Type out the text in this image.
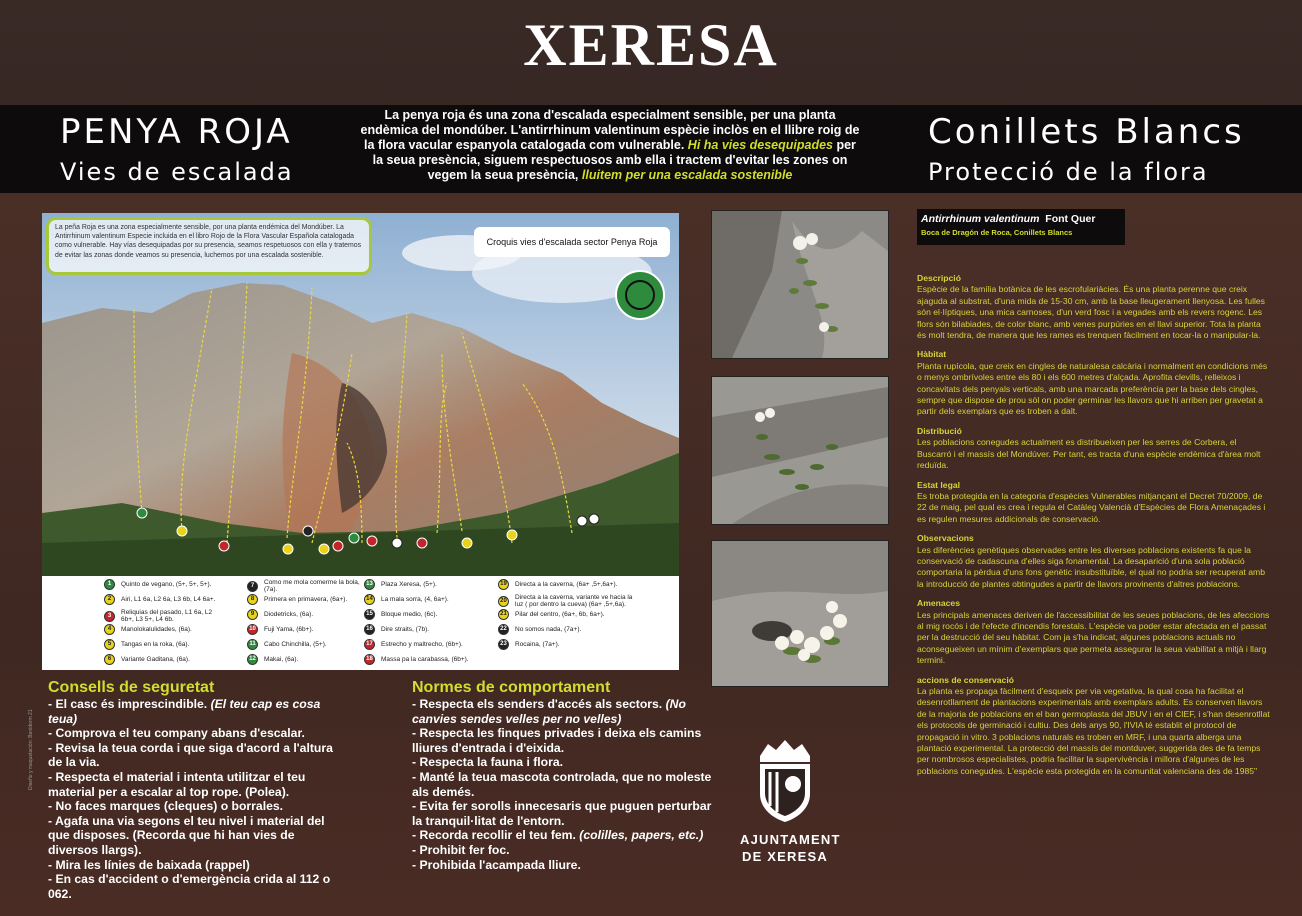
XERESA
PENYA ROJA
Vies de escalada
Conillets Blancs
Protecció de la flora
La penya roja és una zona d'escalada especialment sensible, per una planta endèmica del mondúber. L'antirrhinum valentinum espècie inclòs en el llibre roig de la flora vacular espanyola catalogada com vulnerable. Hi ha vies desequipades per la seua presència, siguem respectuosos amb ella i tractem d'evitar les zones on vegem la seua presència, lluitem per una escalada sostenible
La peña Roja es una zona especialmente sensible, por una planta endémica del Mondúber. La Antirrhinum valentinum Especie incluida en el libro Rojo de la Flora Vascular Española catalogada como vulnerable. Hay vías desequipadas por su presencia, seamos respetuosos con ella y tratemos de evitar las zonas donde veamos su presencia, luchemos por una escalada sostenible.
Croquis vies d'escalada sector Penya Roja
1	Quinto de vegano, (5+, 5+, 5+).
2	Airi, L1 6a, L2 6a, L3 6b, L4 6a+.
3	Reliquias del pasado, L1 6a, L2 6b+, L3 5+, L4 6b.
4	Manolokalulidades, (6a).
5	Tangas en la roka, (6a).
6	Variante Gaditana, (6a).
7	Como me mola comerme la bola, (7a).
8	Primera en primavera, (6a+).
9	Diodetricks, (6a).
10	Fuji Yama, (6b+).
11	Cabo Chinchilla, (5+).
12	Makai, (6a).
13	Plaza Xeresa, (5+).
14	La mala sorra, (4, 6a+).
15	Bloque medio, (6c).
16	Dire straits, (7b).
17	Estrecho y maltrecho, (6b+).
18	Massa pa la carabassa, (6b+).
19	Directa a la caverna, (6a+ ,5+,6a+).
20	Directa a la caverna, variante ve hacia la luz ( por dentro la cueva) (6a+ ,5+,6a).
21	Pilar del centro, (6a+, 6b, 6a+).
22	No somos nada, (7a+).
23	Rocaina, (7a+).
Antirrhinum valentinum Font Quer
Boca de Dragón de Roca, Conillets Blancs

Descripció

Espècie de la família botànica de les escrofulariàcies. És una planta perenne que creix ajaguda al substrat, d'una mida de 15-30 cm, amb la base lleugerament llenyosa. Les fulles són el·líptiques, una mica carnoses, d'un verd fosc i a vegades amb els revers rogenc. Les flors són bilabiades, de color blanc, amb venes purpúries en el llavi superior. Tota la planta és molt tendra, de manera que les rames es trenquen fàcilment en tocar-la o manipular-la.

Hàbitat

Planta rupícola, que creix en cingles de naturalesa calcària i normalment en condicions més o menys ombrívoles entre els 80 i els 600 metres d'alçada. Aprofita clevills, relleixos i concavitats dels penyals verticals, amb una marcada preferència per la base dels cingles, sempre que dispose de prou sòl on poder germinar les llavors que hi arriben per gravetat a partir dels exemplars que es troben a dalt.

Distribució

Les poblacions conegudes actualment es distribueixen per les serres de Corbera, el Buscarró i el massís del Mondúver. Per tant, es tracta d'una espècie endèmica d'àrea molt reduïda.

Estat legal

Es troba protegida en la categoria d'espècies Vulnerables mitjançant el Decret 70/2009, de 22 de maig, pel qual es crea i regula el Catàleg Valencià d'Espècies de Flora Amenaçades i es regulen mesures addicionals de conservació.

Observacions

Les diferències genètiques observades entre les diverses poblacions existents fa que la conservació de cadascuna d'elles siga fonamental. La desaparició d'una sola població comportaria la pèrdua d'uns fons genètic insubstituïble, el qual no podria ser recuperat amb la introducció de plantes obtingudes a partir de llavors provinents d'altres poblacions.

Amenaces

Les principals amenaces deriven de l'accessibilitat de les seues poblacions, de les afeccions al mig rocós i de l'efecte d'incendis forestals. L'espècie va poder estar afectada en el passat per la destrucció del seu hàbitat. Com ja s'ha indicat, algunes poblacions actuals no aconsegueixen un mínim d'exemplars que permeta assegurar la seua viabilitat a mitjà i llarg termini.

accions de conservació

La planta es propaga fàcilment d'esqueix per via vegetativa, la qual cosa ha facilitat el desenrotllament de plantacions experimentals amb exemplars adults. Es conserven llavors de la majoria de poblacions en el ban germoplasta del JBUV i en el CIEF, i s'han desenrotllat els protocols de germinació i cultiu. Des dels anys 90, l'IVIA té establit el protocol de propagació in vitro. 3 poblacions naturals es troben en MRF, i una quarta alberga una plantació experimental. La protecció del massís del montduver, suggerida des de fa temps per nombrosos especialistes, podria facilitar la supervivència i millora d'algunes de les poblacions conegudes. L'espècie esta protegida en la comunitat valenciana des de 1985"

Consells de seguretat
- El casc és imprescindible. (El teu cap es cosa teua)
- Comprova el teu company abans d'escalar.
- Revisa la teua corda i que siga d'acord a l'altura de la via.
- Respecta el material i intenta utilitzar el teu material per a escalar al top rope. (Polea).
- No faces marques (cleques) o borrales.
- Agafa una via segons el teu nivel i material del que disposes. (Recorda que hi han vies de diversos llargs).
- Mira les línies de baixada (rappel)
- En cas d'accident o d'emergència crida al 112 o 062.
Normes de comportament
- Respecta els senders d'accés als sectors. (No canvies sendes velles per no velles)
- Respecta les finques privades i deixa els camins lliures d'entrada i d'eixida.
- Respecta la fauna i flora.
- Manté la teua mascota controlada, que no moleste als demés.
- Evita fer sorolls innecesaris que puguen perturbar la tranquil·litat de l'entorn.
- Recorda recollir el teu fem. (colilles, papers, etc.)
- Prohibit fer foc.
- Prohibida l'acampada lliure.
AJUNTAMENT
DE XERESA
Diseño y maquetación: Benidorm 21
